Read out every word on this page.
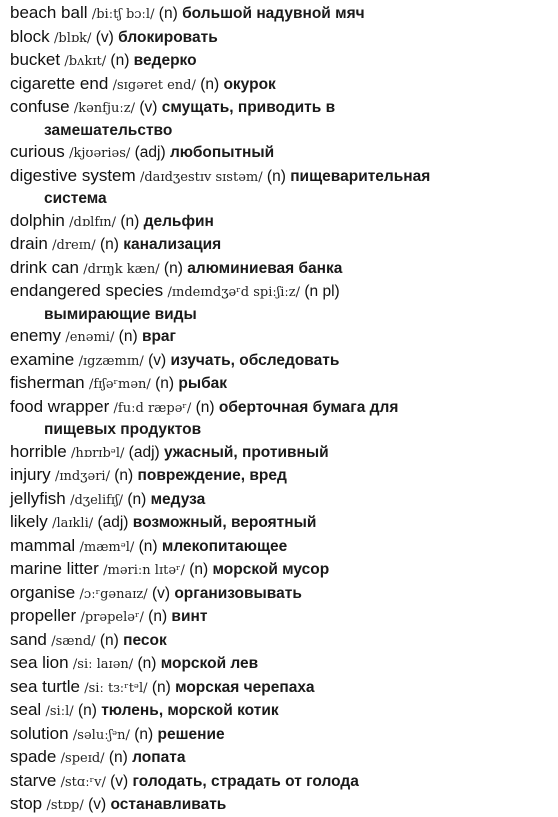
beach ball /biːtʃ bɔːl/ (n) большой надувной мяч
block /blɒk/ (v) блокировать
bucket /bʌkɪt/ (n) ведерко
cigarette end /sɪgəret end/ (n) окурок
confuse /kənfjuːz/ (v) смущать, приводить в
замешательство
curious /kjʊəriəs/ (adj) любопытный
digestive system /daɪdʒestɪv sɪstəm/ (n) пищеварительная
система
dolphin /dɒlfɪn/ (n) дельфин
drain /dreɪn/ (n) канализация
drink can /drɪŋk kæn/ (n) алюминиевая банка
endangered species /ɪndeɪndʒəʳd spiːʃiːz/ (n pl)
вымирающие виды
enemy /enəmi/ (n) враг
examine /ɪgzæmɪn/ (v) изучать, обследовать
fisherman /fɪʃəʳmən/ (n) рыбак
food wrapper /fuːd ræpəʳ/ (n) оберточная бумага для
пищевых продуктов
horrible /hɒrɪbᵊl/ (adj) ужасный, противный
injury /ɪndʒəri/ (n) повреждение, вред
jellyfish /dʒelifɪʃ/ (n) медуза
likely /laɪkli/ (adj) возможный, вероятный
mammal /mæmᵊl/ (n) млекопитающее
marine litter /məriːn lɪtəʳ/ (n) морской мусор
organise /ɔːʳgənaɪz/ (v) организовывать
propeller /prəpeləʳ/ (n) винт
sand /sænd/ (n) песок
sea lion /siː laɪən/ (n) морской лев
sea turtle /siː tɜːʳtᵊl/ (n) морская черепаха
seal /siːl/ (n) тюлень, морской котик
solution /səluːʃᵊn/ (n) решение
spade /speɪd/ (n) лопата
starve /stɑːʳv/ (v) голодать, страдать от голода
stop /stɒp/ (v) останавливать
